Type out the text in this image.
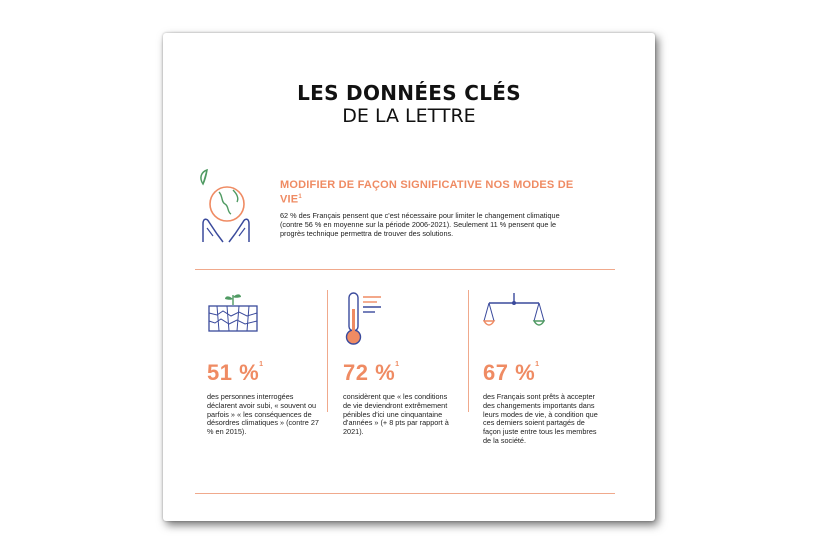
LES DONNÉES CLÉS
DE LA LETTRE
MODIFIER DE FAÇON SIGNIFICATIVE NOS MODES DE VIE$^1$
62 % des Français pensent que c'est nécessaire pour limiter le changement climatique (contre 56 % en moyenne sur la période 2006-2021). Seulement 11 % pensent que le progrès technique permettra de trouver des solutions.
51 %$^1$
des personnes interrogées déclarent avoir subi, « souvent ou parfois » « les conséquences de désordres climatiques » (contre 27 % en 2015).
72 %$^1$
considèrent que « les conditions de vie deviendront extrêmement pénibles d'ici une cinquantaine d'années » (+ 8 pts par rapport à 2021).
67 %$^1$
des Français sont prêts à accepter des changements importants dans leurs modes de vie, à condition que ces derniers soient partagés de façon juste entre tous les membres de la société.
